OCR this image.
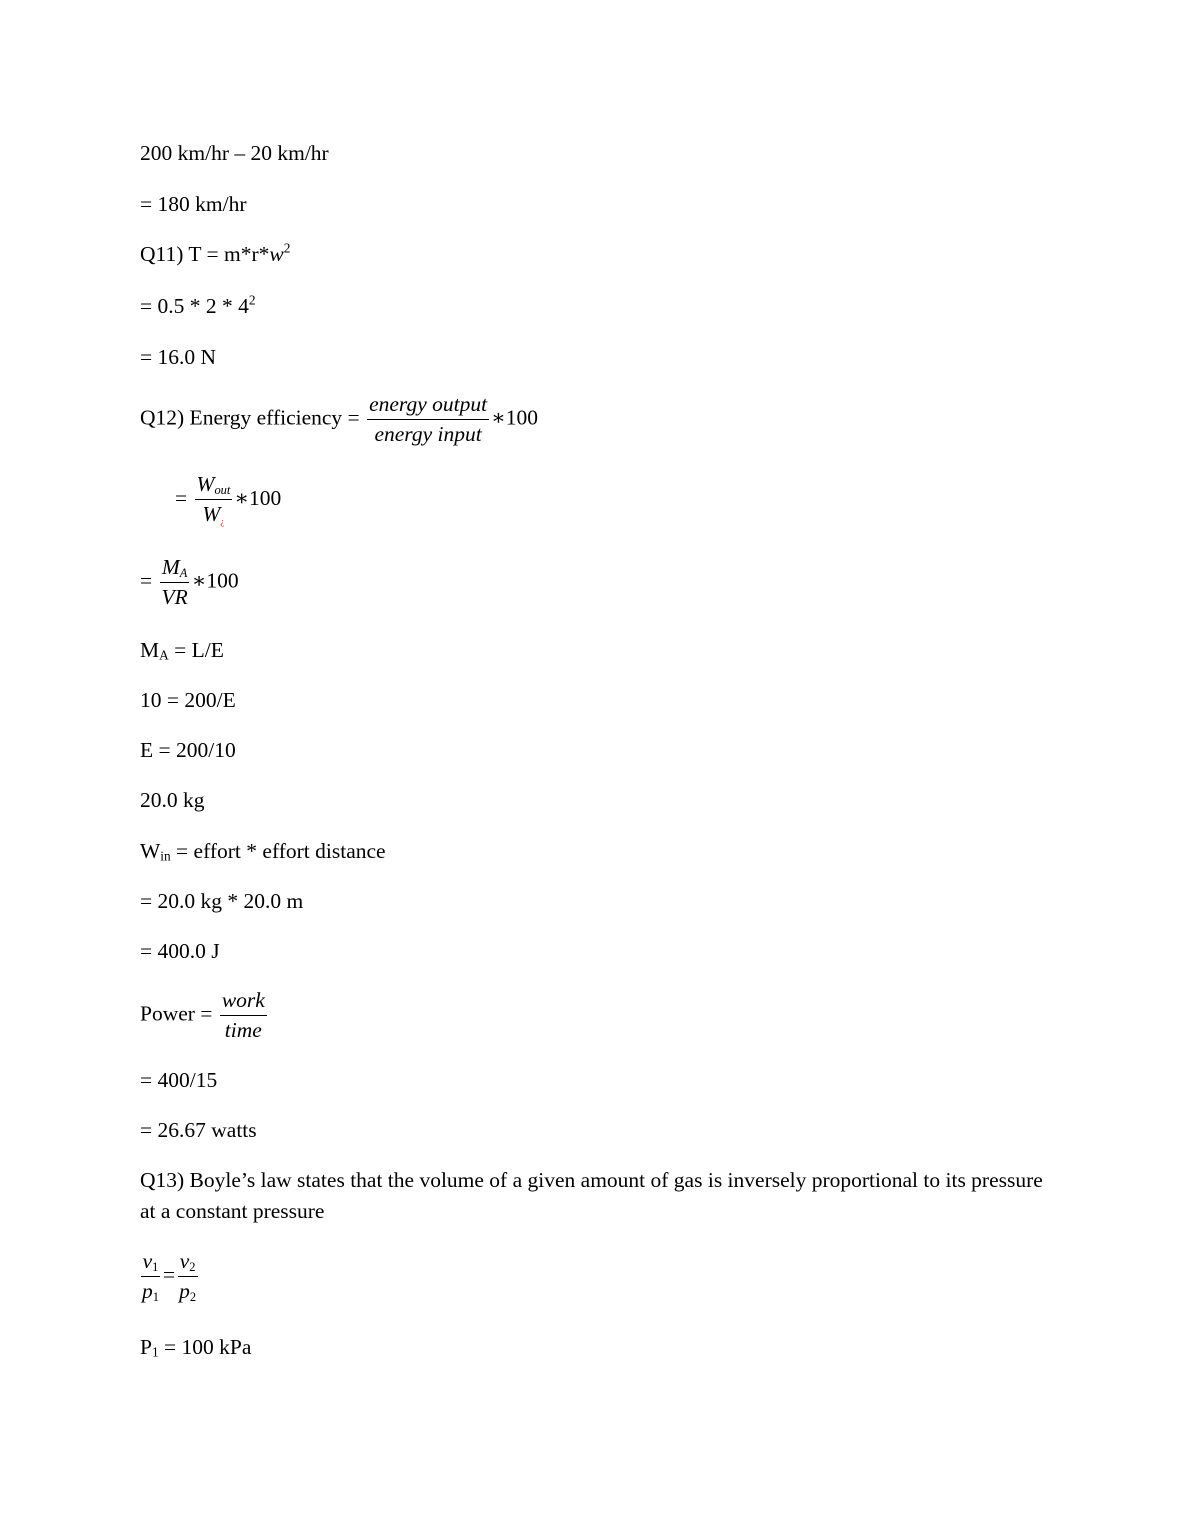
200 km/hr – 20 km/hr
= 180 km/hr
Q11) $T = m*r*w^2$
= $0.5 * 2 * 4^2$
= 16.0 N
Q12) Energy efficiency = $\frac{\text{energy output}}{\text{energy input}}$ ∗100
= $\frac{\text{Wout}}{W¿}$ ∗100
= $\frac{MA}{VR}$ ∗100
$M_A = L/E$
10 = 200/E
E = 200/10
20.0 kg
$W_{in}$ = effort * effort distance
= 20.0 kg * 20.0 m
= 400.0 J
Power = $\frac{\text{work}}{\text{time}}$
= 400/15
= 26.67 watts
Q13) Boyle’s law states that the volume of a given amount of gas is inversely proportional to its pressure at a constant pressure
$\frac{v1}{p1} = \frac{v2}{p2}$
$P_1 = 100$ kPa
